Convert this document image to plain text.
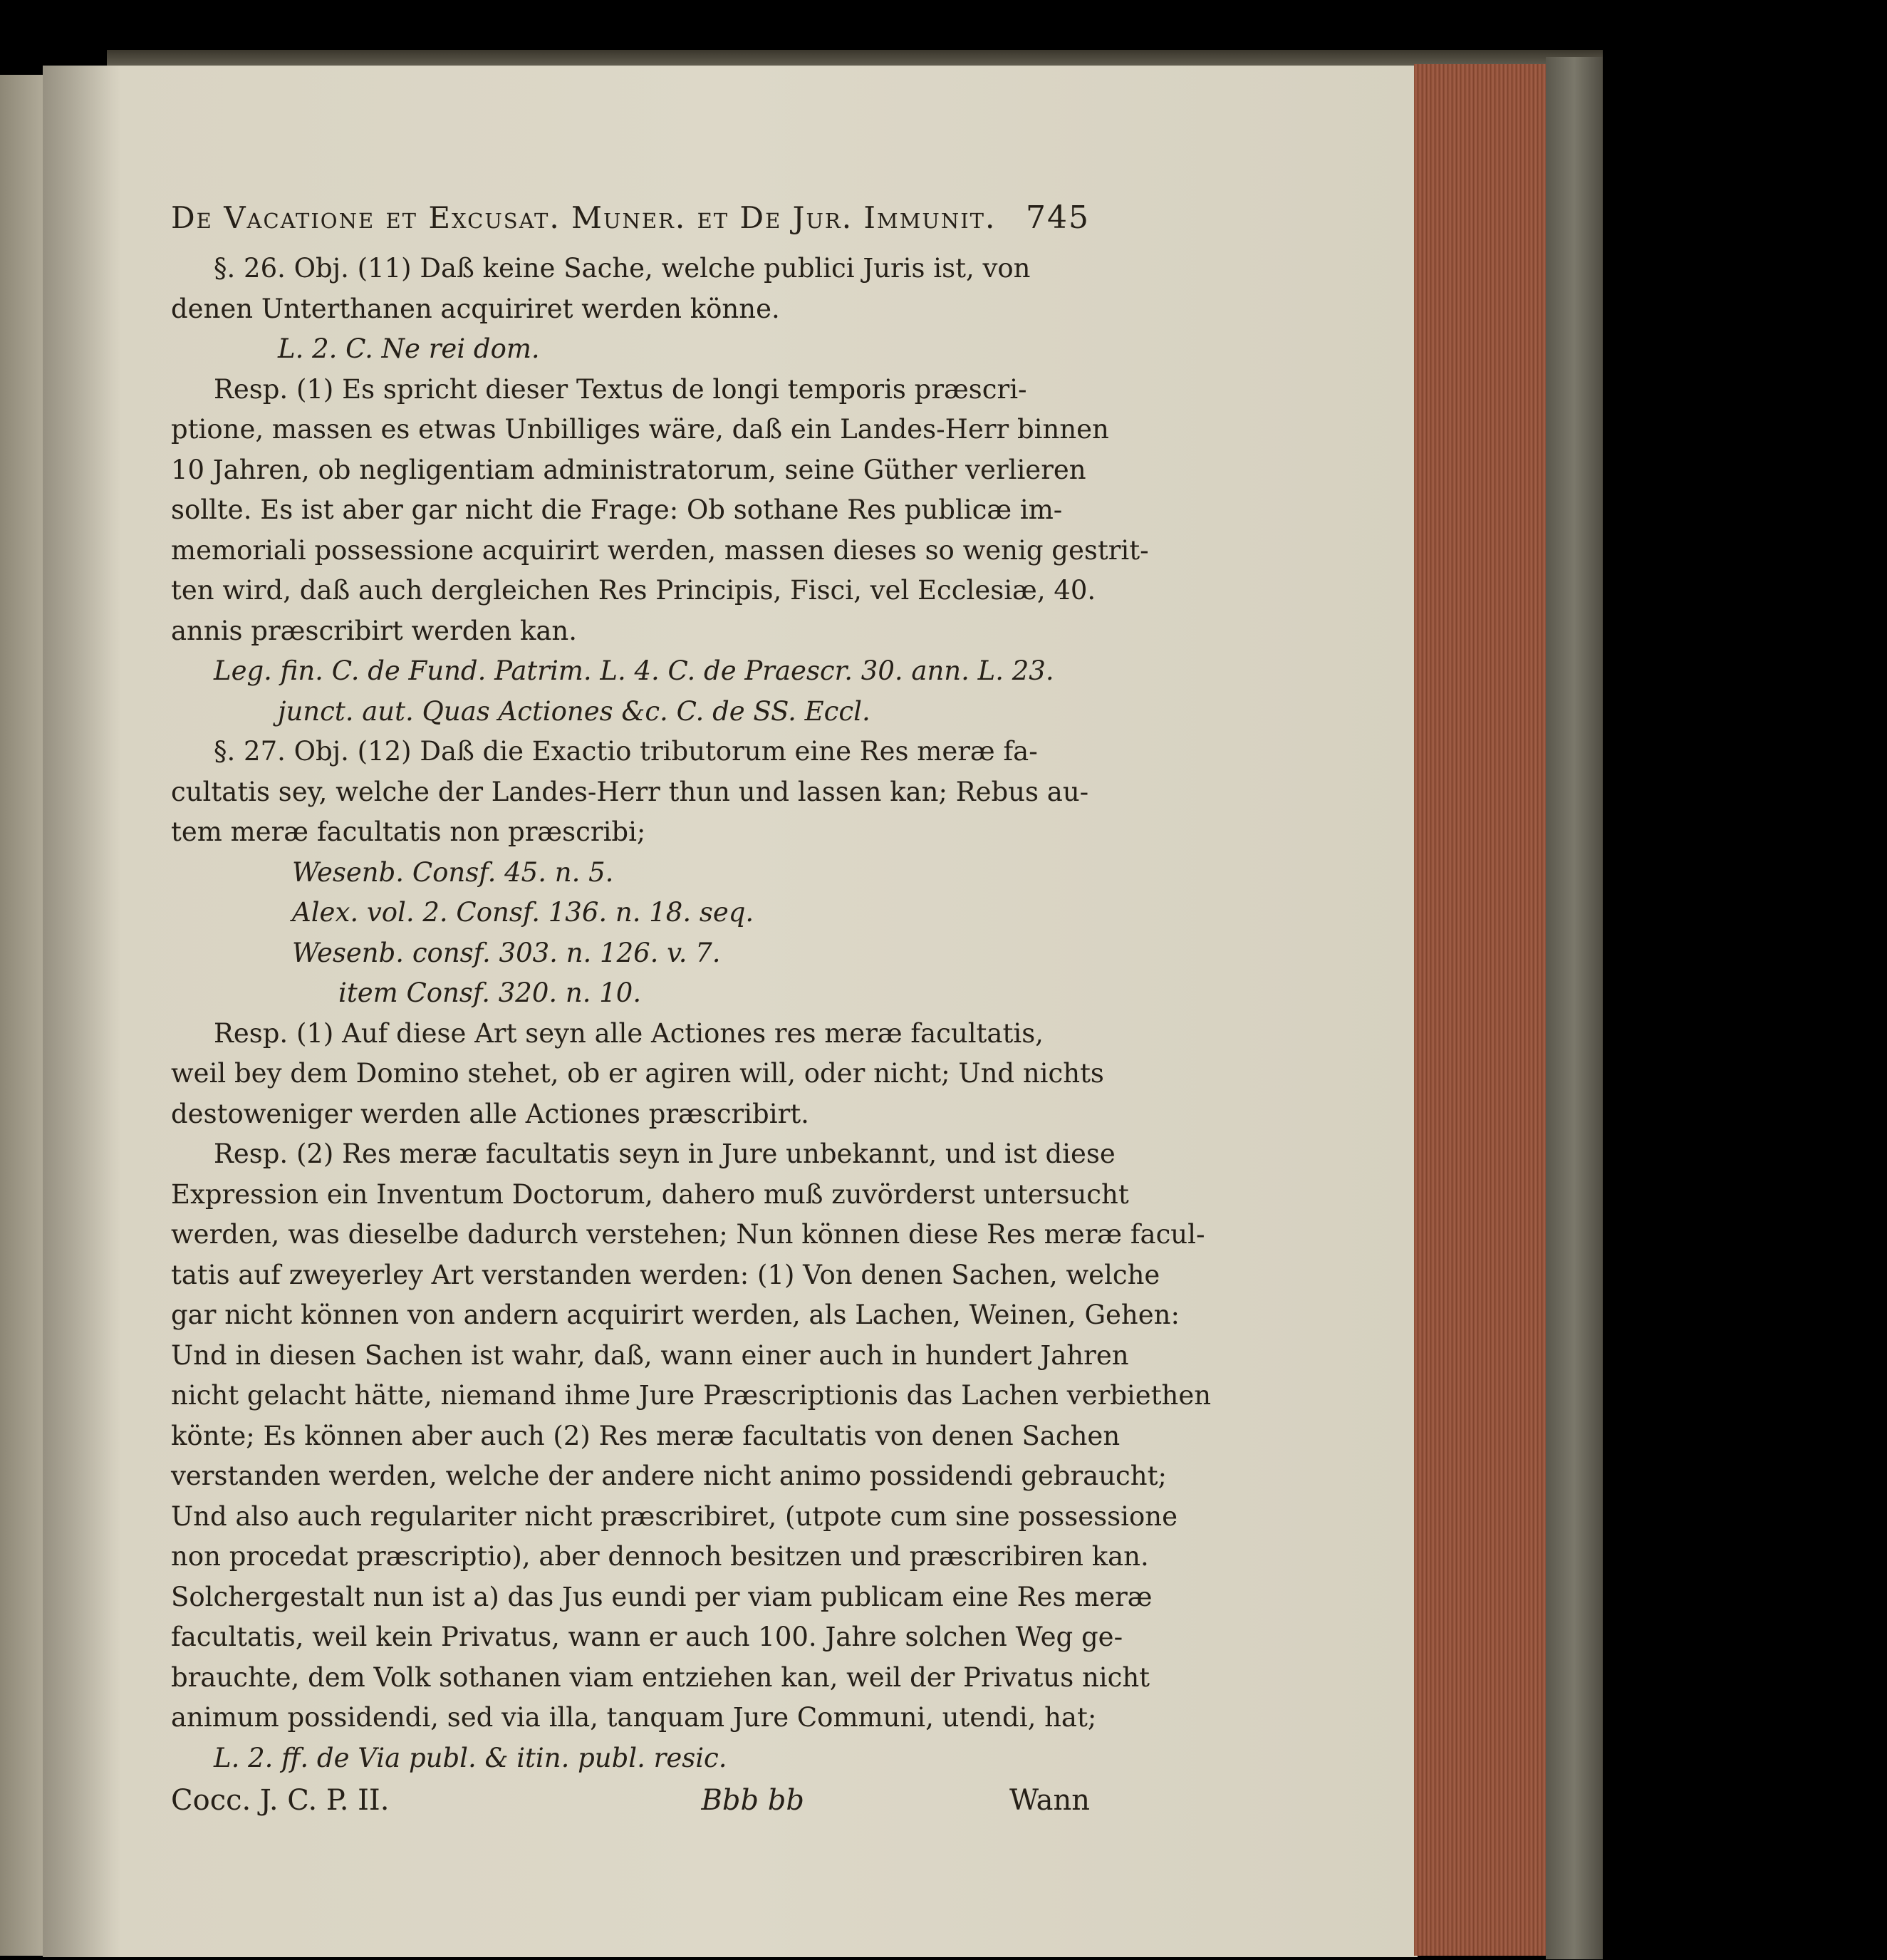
De Vacatione et Excusat. Muner. et De Jur. Immunit. 745
§. 26. Obj. (11) Daß keine Sache, welche publici Juris ist, von
denen Unterthanen acquiriret werden könne.
L. 2. C. Ne rei dom.
Resp. (1) Es spricht dieser Textus de longi temporis præscri-
ptione, massen es etwas Unbilliges wäre, daß ein Landes-Herr binnen
10 Jahren, ob negligentiam administratorum, seine Güther verlieren
sollte. Es ist aber gar nicht die Frage: Ob sothane Res publicæ im-
memoriali possessione acquirirt werden, massen dieses so wenig gestrit-
ten wird, daß auch dergleichen Res Principis, Fisci, vel Ecclesiæ, 40.
annis præscribirt werden kan.
Leg. fin. C. de Fund. Patrim. L. 4. C. de Praescr. 30. ann. L. 23.
junct. aut. Quas Actiones &c. C. de SS. Eccl.
§. 27. Obj. (12) Daß die Exactio tributorum eine Res meræ fa-
cultatis sey, welche der Landes-Herr thun und lassen kan; Rebus au-
tem meræ facultatis non præscribi;
Wesenb. Consf. 45. n. 5.
Alex. vol. 2. Consf. 136. n. 18. seq.
Wesenb. consf. 303. n. 126. v. 7.
item Consf. 320. n. 10.
Resp. (1) Auf diese Art seyn alle Actiones res meræ facultatis,
weil bey dem Domino stehet, ob er agiren will, oder nicht; Und nichts
destoweniger werden alle Actiones præscribirt.
Resp. (2) Res meræ facultatis seyn in Jure unbekannt, und ist diese
Expression ein Inventum Doctorum, dahero muß zuvörderst untersucht
werden, was dieselbe dadurch verstehen; Nun können diese Res meræ facul-
tatis auf zweyerley Art verstanden werden: (1) Von denen Sachen, welche
gar nicht können von andern acquirirt werden, als Lachen, Weinen, Gehen:
Und in diesen Sachen ist wahr, daß, wann einer auch in hundert Jahren
nicht gelacht hätte, niemand ihme Jure Præscriptionis das Lachen verbiethen
könte; Es können aber auch (2) Res meræ facultatis von denen Sachen
verstanden werden, welche der andere nicht animo possidendi gebraucht;
Und also auch regulariter nicht præscribiret, (utpote cum sine possessione
non procedat præscriptio), aber dennoch besitzen und præscribiren kan.
Solchergestalt nun ist a) das Jus eundi per viam publicam eine Res meræ
facultatis, weil kein Privatus, wann er auch 100. Jahre solchen Weg ge-
brauchte, dem Volk sothanen viam entziehen kan, weil der Privatus nicht
animum possidendi, sed via illa, tanquam Jure Communi, utendi, hat;
L. 2. ff. de Via publ. & itin. publ. resic.
Cocc. J. C. P. II.	Bbb bb	Wann
